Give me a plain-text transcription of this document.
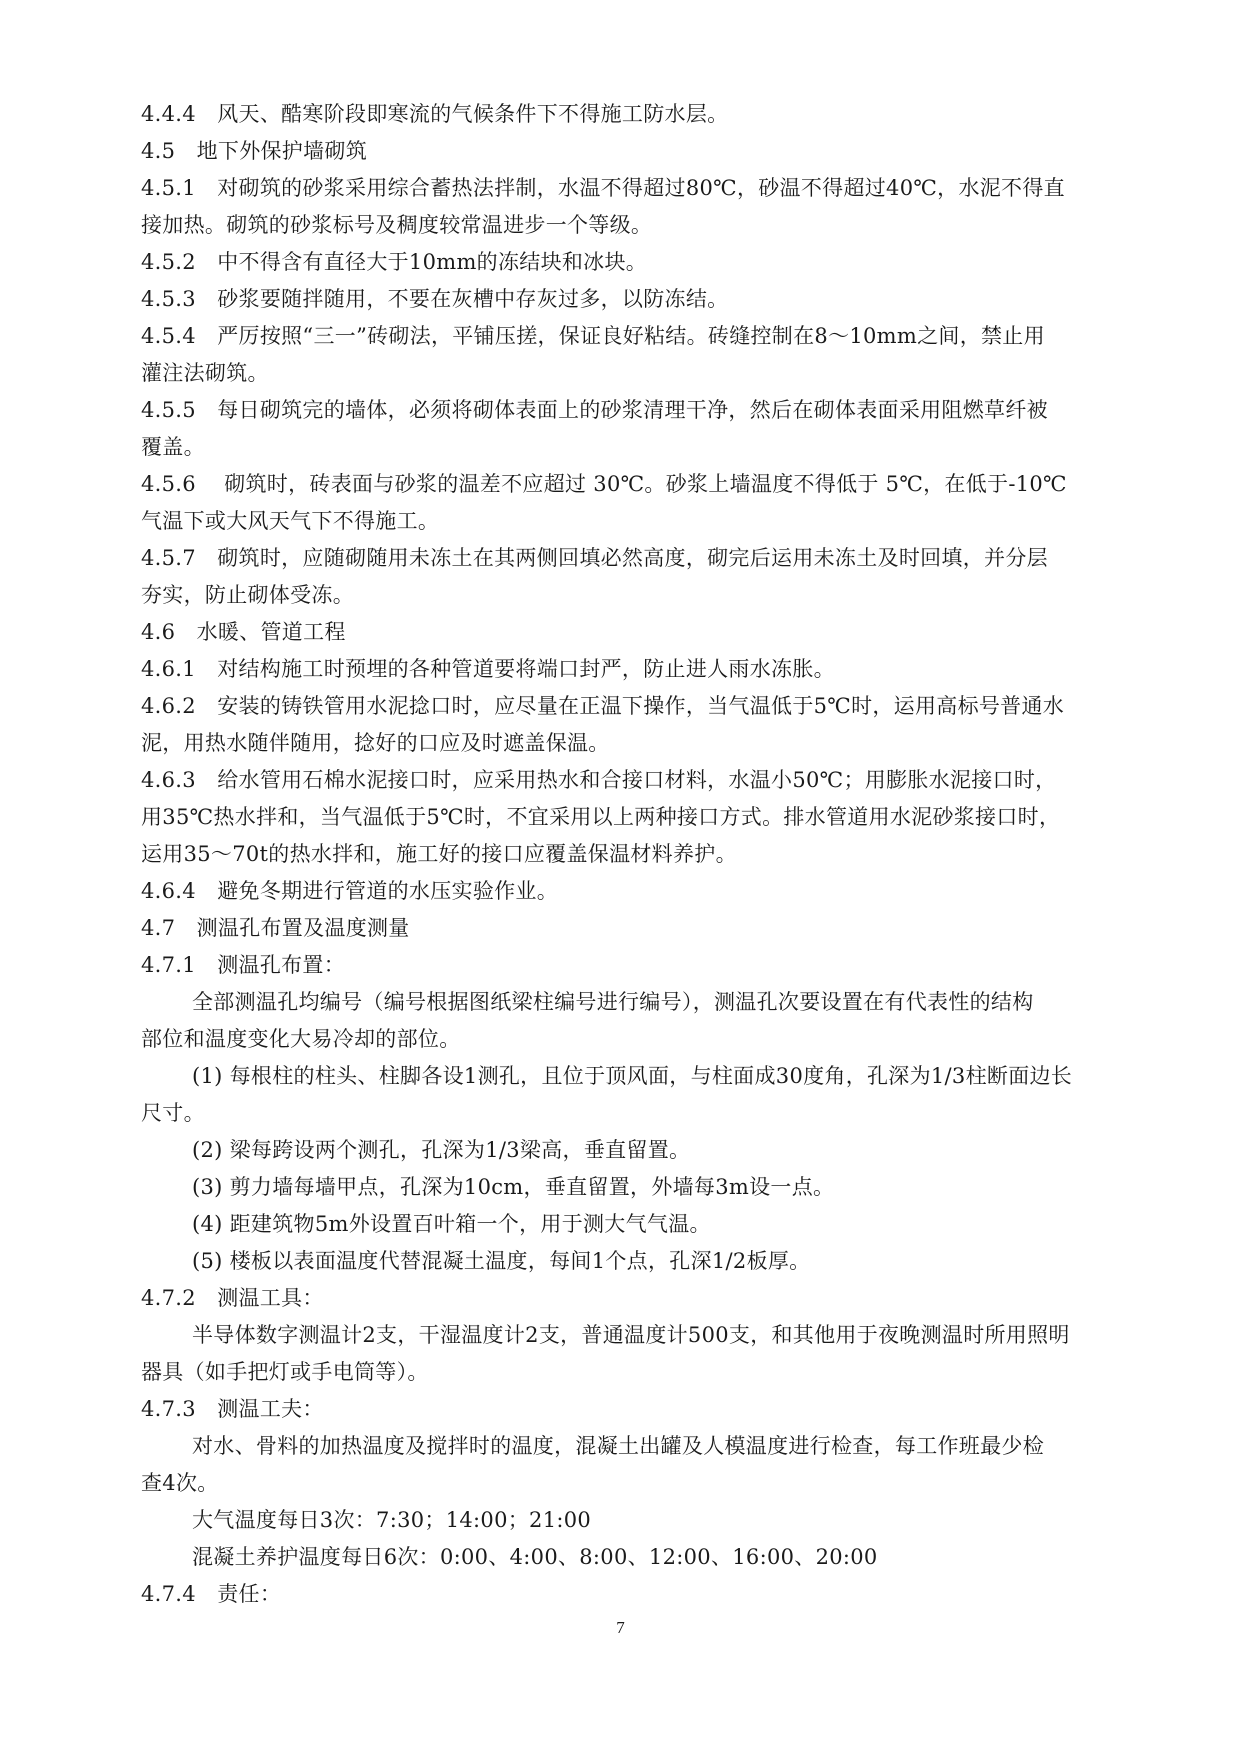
4.4.4　风天、酷寒阶段即寒流的气候条件下不得施工防水层。
4.5　地下外保护墙砌筑
4.5.1　对砌筑的砂浆采用综合蓄热法拌制，水温不得超过80℃，砂温不得超过40℃，水泥不得直
接加热。砌筑的砂浆标号及稠度较常温进步一个等级。
4.5.2　中不得含有直径大于10mm的冻结块和冰块。
4.5.3　砂浆要随拌随用，不要在灰槽中存灰过多，以防冻结。
4.5.4　严厉按照“三一”砖砌法，平铺压搓，保证良好粘结。砖缝控制在8～10mm之间，禁止用
灌注法砌筑。
4.5.5　每日砌筑完的墙体，必须将砌体表面上的砂浆清理干净，然后在砌体表面采用阻燃草纤被
覆盖。
4.5.6　 砌筑时，砖表面与砂浆的温差不应超过 30℃。砂浆上墙温度不得低于 5℃，在低于-10℃
气温下或大风天气下不得施工。
4.5.7　砌筑时，应随砌随用未冻土在其两侧回填必然高度，砌完后运用未冻土及时回填，并分层
夯实，防止砌体受冻。
4.6　水暖、管道工程
4.6.1　对结构施工时预埋的各种管道要将端口封严，防止进人雨水冻胀。
4.6.2　安装的铸铁管用水泥捻口时，应尽量在正温下操作，当气温低于5℃时，运用高标号普通水
泥，用热水随伴随用，捻好的口应及时遮盖保温。
4.6.3　给水管用石棉水泥接口时，应采用热水和合接口材料，水温小50℃；用膨胀水泥接口时，
用35℃热水拌和，当气温低于5℃时，不宜采用以上两种接口方式。排水管道用水泥砂浆接口时，
运用35～70t的热水拌和，施工好的接口应覆盖保温材料养护。
4.6.4　避免冬期进行管道的水压实验作业。
4.7　测温孔布置及温度测量
4.7.1　测温孔布置：
全部测温孔均编号（编号根据图纸梁柱编号进行编号），测温孔次要设置在有代表性的结构
部位和温度变化大易冷却的部位。
(1) 每根柱的柱头、柱脚各设1测孔，且位于顶风面，与柱面成30度角，孔深为1/3柱断面边长
尺寸。
(2) 梁每跨设两个测孔，孔深为1/3梁高，垂直留置。
(3) 剪力墙每墙甲点，孔深为10cm，垂直留置，外墙每3m设一点。
(4) 距建筑物5m外设置百叶箱一个，用于测大气气温。
(5) 楼板以表面温度代替混凝土温度，每间1个点，孔深1/2板厚。
4.7.2　测温工具：
半导体数字测温计2支，干湿温度计2支，普通温度计500支，和其他用于夜晚测温时所用照明
器具（如手把灯或手电筒等）。
4.7.3　测温工夫：
对水、骨料的加热温度及搅拌时的温度，混凝土出罐及人模温度进行检查，每工作班最少检
查4次。
大气温度每日3次：7:30；14:00；21:00
混凝土养护温度每日6次：0:00、4:00、8:00、12:00、16:00、20:00
4.7.4　责任：
7
